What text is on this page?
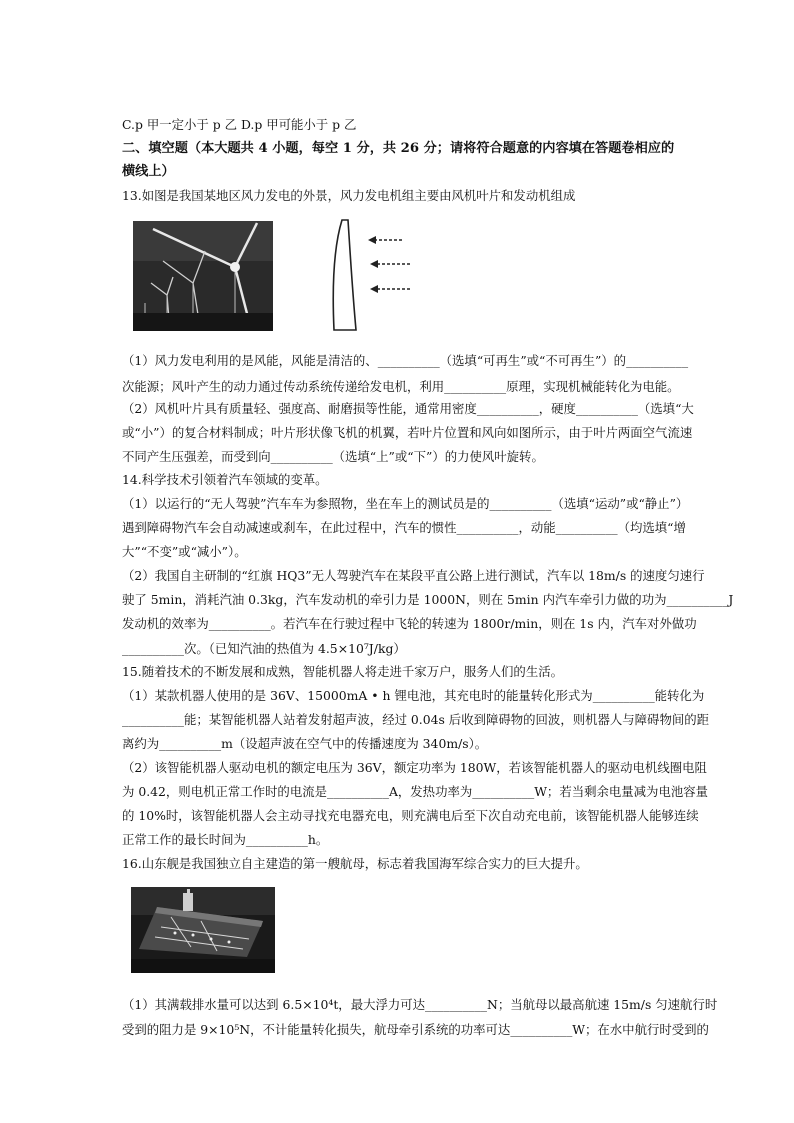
C.p 甲一定小于 p 乙 D.p 甲可能小于 p 乙
二、填空题（本大题共 4 小题，每空 1 分，共 26 分；请将符合题意的内容填在答题卷相应的
横线上）
13.如图是我国某地区风力发电的外景，风力发电机组主要由风机叶片和发动机组成
（1）风力发电利用的是风能，风能是清洁的、__________（选填“可再生”或“不可再生”）的__________
次能源；风叶产生的动力通过传动系统传递给发电机，利用__________原理，实现机械能转化为电能。
（2）风机叶片具有质量轻、强度高、耐磨损等性能，通常用密度__________，硬度__________（选填“大
或“小”）的复合材料制成；叶片形状像飞机的机翼，若叶片位置和风向如图所示，由于叶片两面空气流速
不同产生压强差，而受到向__________（选填“上”或“下”）的力使风叶旋转。
14.科学技术引领着汽车领域的变革。
（1）以运行的“无人驾驶”汽车车为参照物，坐在车上的测试员是的__________（选填“运动”或“静止”）
遇到障碍物汽车会自动减速或刹车，在此过程中，汽车的惯性__________，动能__________（均选填“增
大”“不变”或“减小”）。
（2）我国自主研制的“红旗 HQ3”无人驾驶汽车在某段平直公路上进行测试，汽车以 18m/s 的速度匀速行
驶了 5min，消耗汽油 0.3kg，汽车发动机的牵引力是 1000N，则在 5min 内汽车牵引力做的功为__________J
发动机的效率为__________。若汽车在行驶过程中飞轮的转速为 1800r/min，则在 1s 内，汽车对外做功
__________次。（已知汽油的热值为 4.5×10⁷J/kg）
15.随着技术的不断发展和成熟，智能机器人将走进千家万户，服务人们的生活。
（1）某款机器人使用的是 36V、15000mA • h 锂电池，其充电时的能量转化形式为__________能转化为
__________能；某智能机器人站着发射超声波，经过 0.04s 后收到障碍物的回波，则机器人与障碍物间的距
离约为__________m（设超声波在空气中的传播速度为 340m/s）。
（2）该智能机器人驱动电机的额定电压为 36V，额定功率为 180W，若该智能机器人的驱动电机线圈电阻
为 0.42，则电机正常工作时的电流是__________A，发热功率为__________W；若当剩余电量减为电池容量
的 10%时，该智能机器人会主动寻找充电器充电，则充满电后至下次自动充电前，该智能机器人能够连续
正常工作的最长时间为__________h。
16.山东舰是我国独立自主建造的第一艘航母，标志着我国海军综合实力的巨大提升。
（1）其满载排水量可以达到 6.5×10⁴t，最大浮力可达__________N；当航母以最高航速 15m/s 匀速航行时
受到的阻力是 9×10⁵N，不计能量转化损失，航母牵引系统的功率可达__________W；在水中航行时受到的
